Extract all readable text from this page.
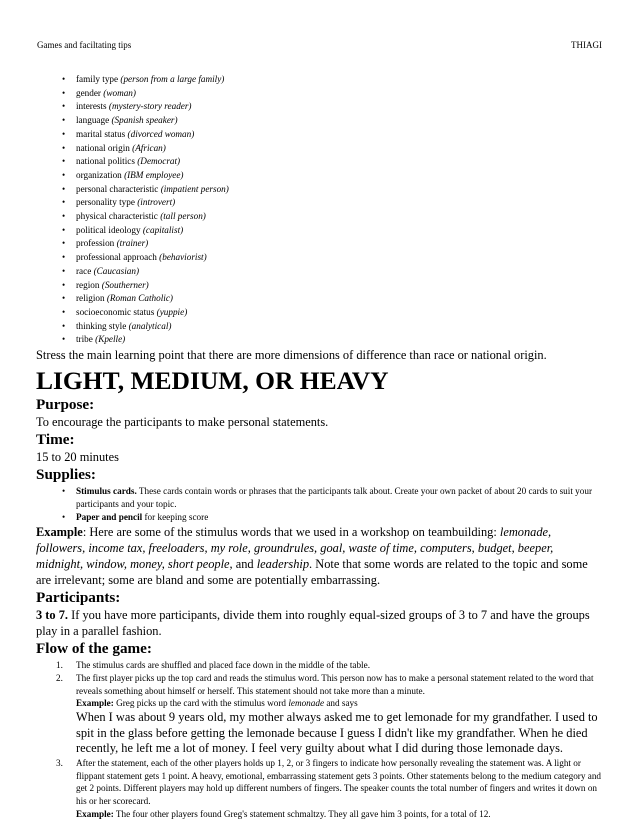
Games and faciltating tips	THIAGI
• family type (person from a large family)
• gender (woman)
• interests (mystery-story reader)
• language (Spanish speaker)
• marital status (divorced woman)
• national origin (African)
• national politics (Democrat)
• organization (IBM employee)
• personal characteristic (impatient person)
• personality type (introvert)
• physical characteristic (tall person)
• political ideology (capitalist)
• profession (trainer)
• professional approach (behaviorist)
• race (Caucasian)
• region (Southerner)
• religion (Roman Catholic)
• socioeconomic status (yuppie)
• thinking style (analytical)
• tribe (Kpelle)
Stress the main learning point that there are more dimensions of difference than race or national origin.
LIGHT, MEDIUM, OR HEAVY
Purpose:

To encourage the participants to make personal statements.

Time:

15 to 20 minutes

Supplies:
• Stimulus cards. These cards contain words or phrases that the participants talk about. Create your own packet of about 20 cards to suit your participants and your topic.
• Paper and pencil for keeping score

Example: Here are some of the stimulus words that we used in a workshop on teambuilding: lemonade, followers, income tax, freeloaders, my role, groundrules, goal, waste of time, computers, budget, beeper, midnight, window, money, short people, and leadership. Note that some words are related to the topic and some are irrelevant; some are bland and some are potentially embarrassing.

Participants:

3 to 7. If you have more participants, divide them into roughly equal-sized groups of 3 to 7 and have the groups play in a parallel fashion.

Flow of the game:
1. The stimulus cards are shuffled and placed face down in the middle of the table.
2. The first player picks up the top card and reads the stimulus word. This person now has to make a personal statement related to the word that reveals something about himself or herself. This statement should not take more than a minute.
Example: Greg picks up the card with the stimulus word lemonade and says
When I was about 9 years old, my mother always asked me to get lemonade for my grandfather. I used to spit in the glass before getting the lemonade because I guess I didn't like my grandfather. When he died recently, he left me a lot of money. I feel very guilty about what I did during those lemonade days.
3. After the statement, each of the other players holds up 1, 2, or 3 fingers to indicate how personally revealing the statement was. A light or flippant statement gets 1 point. A heavy, emotional, embarrassing statement gets 3 points. Other statements belong to the medium category and get 2 points. Different players may hold up different numbers of fingers. The speaker counts the total number of fingers and writes it down on his or her scorecard.
Example: The four other players found Greg's statement schmaltzy. They all gave him 3 points, for a total of 12.
